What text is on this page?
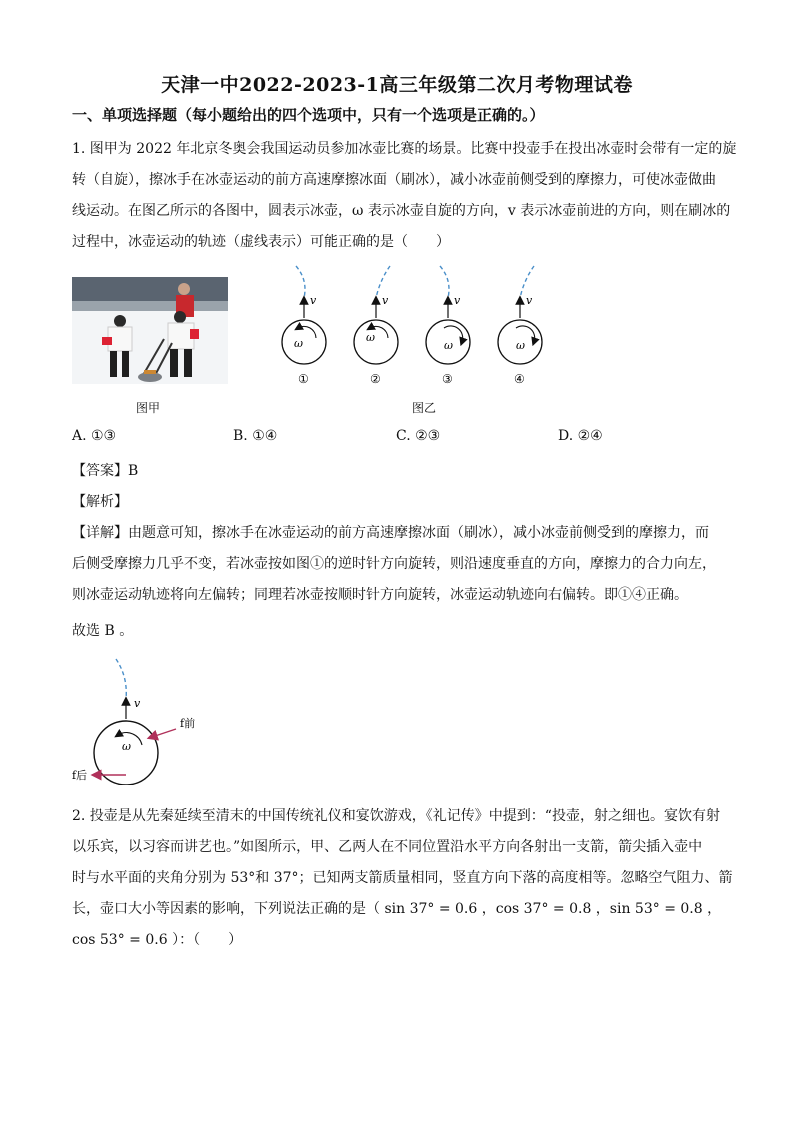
天津一中2022-2023-1高三年级第二次月考物理试卷
一、单项选择题（每小题给出的四个选项中，只有一个选项是正确的。）
1. 图甲为 2022 年北京冬奥会我国运动员参加冰壶比赛的场景。比赛中投壶手在投出冰壶时会带有一定的旋
转（自旋），擦冰手在冰壶运动的前方高速摩擦冰面（刷冰），减小冰壶前侧受到的摩擦力，可使冰壶做曲
线运动。在图乙所示的各图中，圆表示冰壶，ω 表示冰壶自旋的方向，v 表示冰壶前进的方向，则在刷冰的
过程中，冰壶运动的轨迹（虚线表示）可能正确的是（　　）
图甲	图乙
v
ω
①
v
ω
②
v
ω
③
v
ω
④
A. ①③	B. ①④	C. ②③	D. ②④
【答案】B
【解析】
【详解】由题意可知，擦冰手在冰壶运动的前方高速摩擦冰面（刷冰），减小冰壶前侧受到的摩擦力，而
后侧受摩擦力几乎不变，若冰壶按如图①的逆时针方向旋转，则沿速度垂直的方向，摩擦力的合力向左，
则冰壶运动轨迹将向左偏转；同理若冰壶按顺时针方向旋转，冰壶运动轨迹向右偏转。即①④正确。
故选 B 。
v
ω
f前
f后
2. 投壶是从先秦延续至清末的中国传统礼仪和宴饮游戏，《礼记传》中提到：“投壶，射之细也。宴饮有射
以乐宾，以习容而讲艺也。”如图所示，甲、乙两人在不同位置沿水平方向各射出一支箭，箭尖插入壶中
时与水平面的夹角分别为 53°和 37°；已知两支箭质量相同，竖直方向下落的高度相等。忽略空气阻力、箭
长，壶口大小等因素的影响，下列说法正确的是（ sin 37° = 0.6 ，cos 37° = 0.8 ，sin 53° = 0.8 ，
cos 53° = 0.6 ）：（　　）
